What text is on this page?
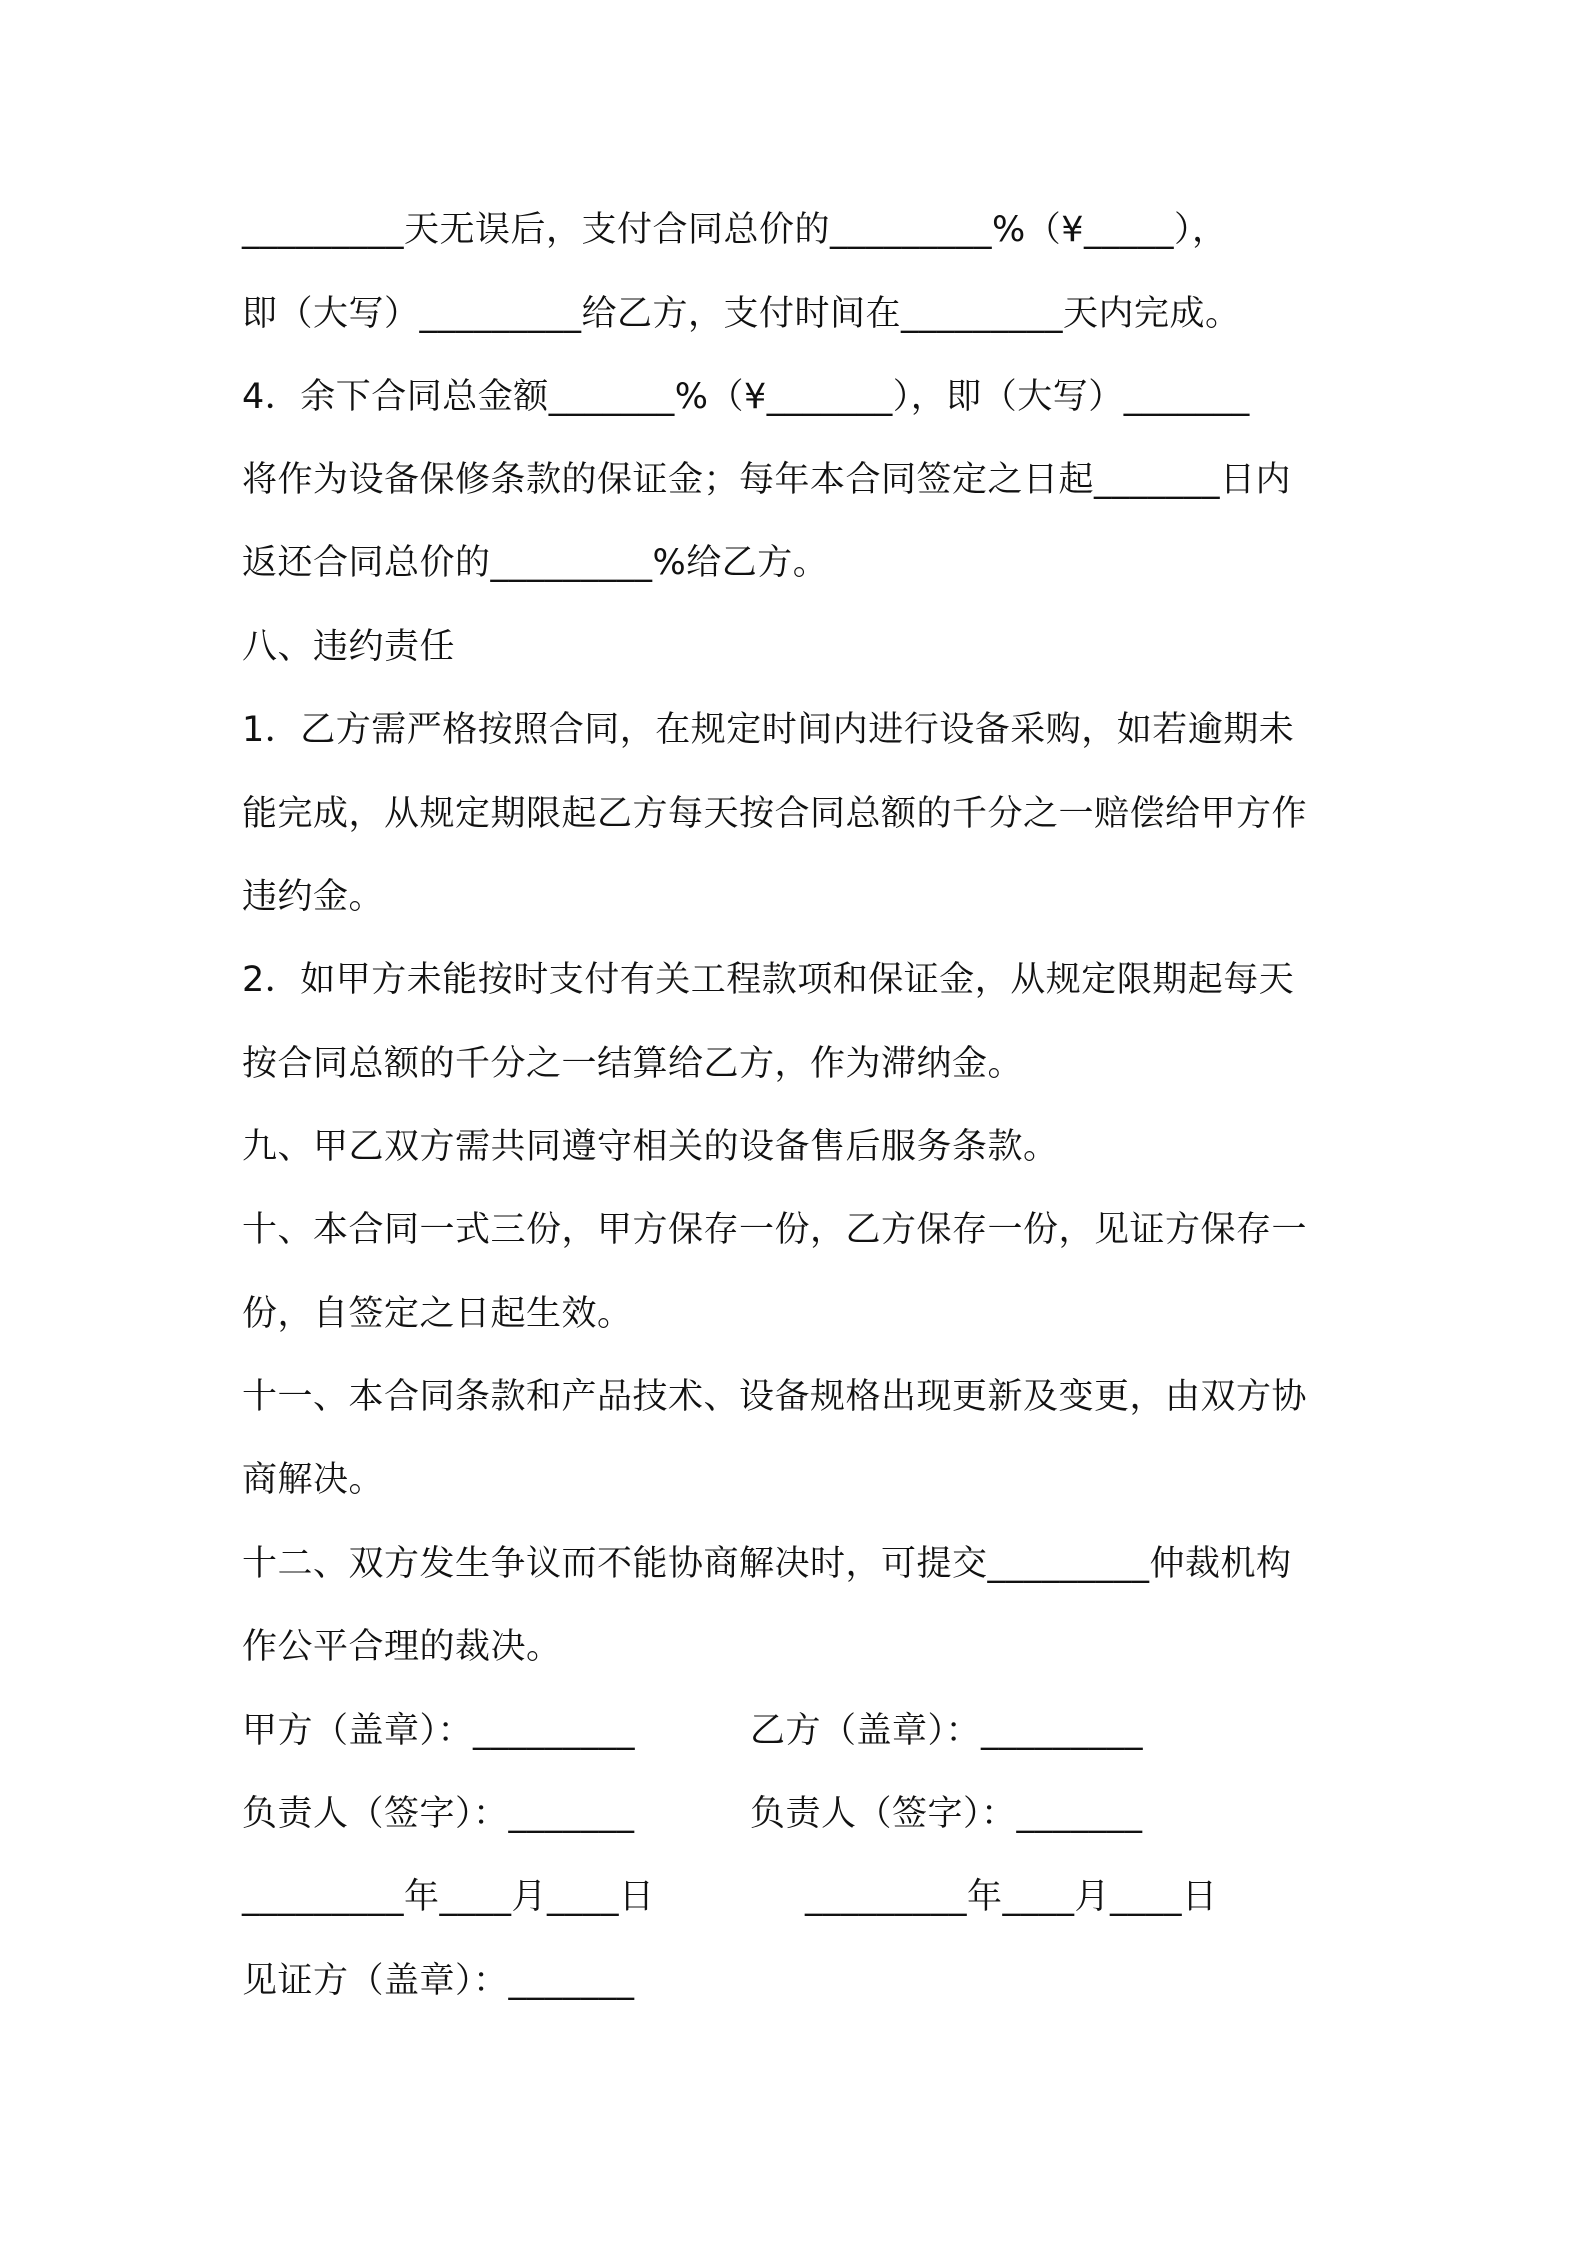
_________天无误后，支付合同总价的_________%（¥_____），
即（大写）_________给乙方，支付时间在_________天内完成。
4．余下合同总金额_______%（¥_______），即（大写）_______
将作为设备保修条款的保证金；每年本合同签定之日起_______日内
返还合同总价的_________%给乙方。
八、违约责任
1．乙方需严格按照合同，在规定时间内进行设备采购，如若逾期未
能完成，从规定期限起乙方每天按合同总额的千分之一赔偿给甲方作
违约金。
2．如甲方未能按时支付有关工程款项和保证金，从规定限期起每天
按合同总额的千分之一结算给乙方，作为滞纳金。
九、甲乙双方需共同遵守相关的设备售后服务条款。
十、本合同一式三份，甲方保存一份，乙方保存一份，见证方保存一
份，自签定之日起生效。
十一、本合同条款和产品技术、设备规格出现更新及变更，由双方协
商解决。
十二、双方发生争议而不能协商解决时，可提交_________仲裁机构
作公平合理的裁决。
甲方（盖章）：_________	乙方（盖章）：_________
负责人（签字）：_______	负责人（签字）：_______
_________年____月____日	_________年____月____日
见证方（盖章）：_______
